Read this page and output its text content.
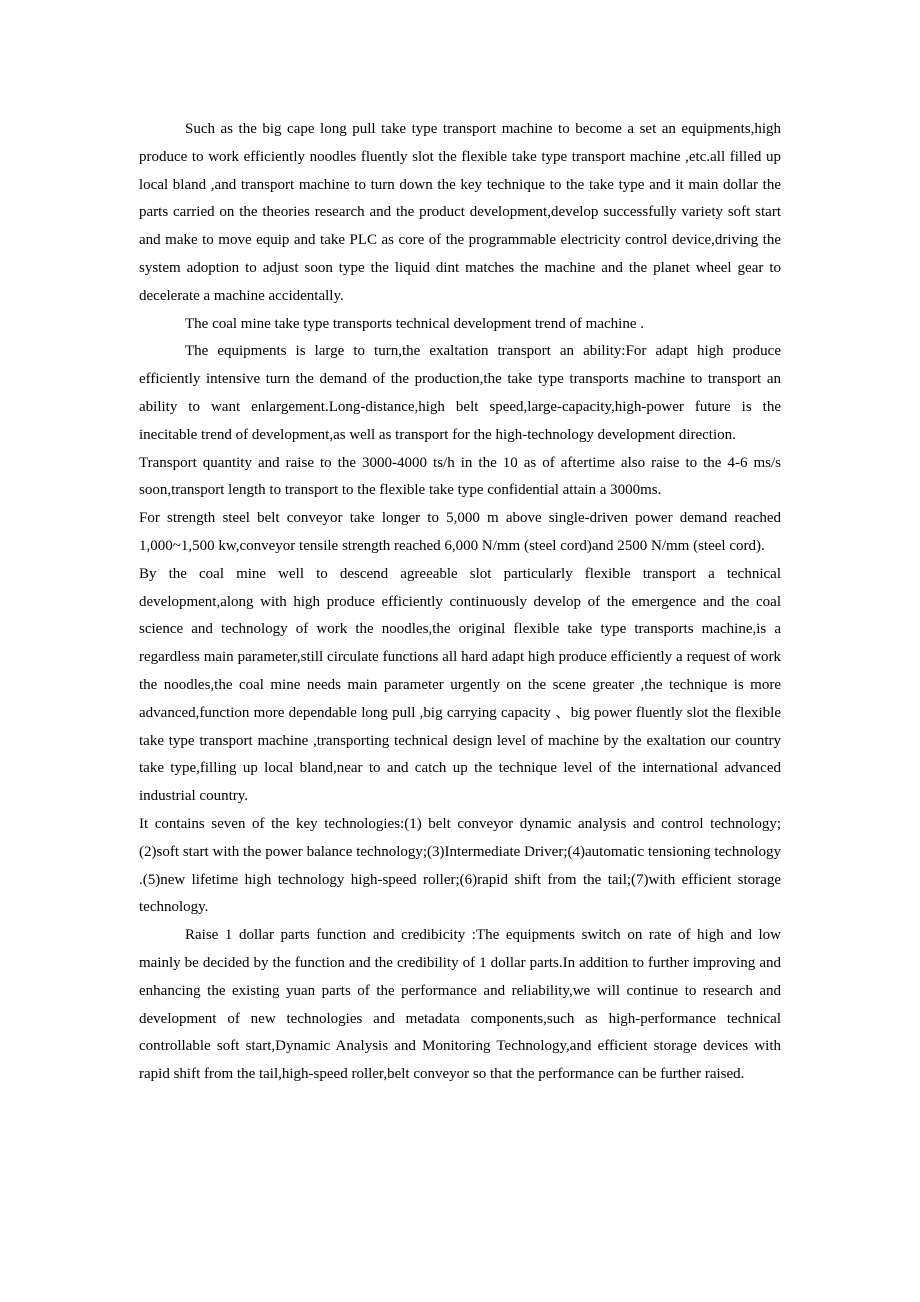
Such as the big cape long pull take type transport machine to become a set an equipments,high produce to work efficiently noodles fluently slot the flexible take type transport machine ,etc.all filled up local bland ,and transport machine to turn down the key technique to the take type and it main dollar the parts carried on the theories research and the product development,develop successfully variety soft start and make to move equip and take PLC as core of the programmable electricity control device,driving the system adoption to adjust soon type the liquid dint matches the machine and the planet wheel gear to decelerate a machine accidentally.

The coal mine take type transports technical development trend of machine .

The equipments is large to turn,the exaltation transport an ability:For adapt high produce efficiently intensive turn the demand of the production,the take type transports machine to transport an ability to want enlargement.Long-distance,high belt speed,large-capacity,high-power future is the inecitable trend of development,as well as transport for the high-technology development direction.

Transport quantity and raise to the 3000-4000 ts/h in the 10 as of aftertime also raise to the 4-6 ms/s soon,transport length to transport to the flexible take type confidential attain a 3000ms.

For strength steel belt conveyor take longer to 5,000 m above single-driven power demand reached 1,000~1,500 kw,conveyor tensile strength reached 6,000 N/mm (steel cord)and 2500 N/mm (steel cord).

By the coal mine well to descend agreeable slot particularly flexible transport a technical development,along with high produce efficiently continuously develop of the emergence and the coal science and technology of work the noodles,the original flexible take type transports machine,is a regardless main parameter,still circulate functions all hard adapt high produce efficiently a request of work the noodles,the coal mine needs main parameter urgently on the scene greater ,the technique is more advanced,function more dependable long pull ,big carrying capacity 、big power fluently slot the flexible take type transport machine ,transporting technical design level of machine by the exaltation our country take type,filling up local bland,near to and catch up the technique level of the international advanced industrial country.

It contains seven of the key technologies:(1) belt conveyor dynamic analysis and control technology;(2)soft start with the power balance technology;(3)Intermediate Driver;(4)automatic tensioning technology .(5)new lifetime high technology high-speed roller;(6)rapid shift from the tail;(7)with efficient storage technology.

Raise 1 dollar parts function and credibicity :The equipments switch on rate of high and low mainly be decided by the function and the credibility of 1 dollar parts.In addition to further improving and enhancing the existing yuan parts of the performance and reliability,we will continue to research and development of new technologies and metadata components,such as high-performance technical controllable soft start,Dynamic Analysis and Monitoring Technology,and efficient storage devices with rapid shift from the tail,high-speed roller,belt conveyor so that the performance can be further raised.
